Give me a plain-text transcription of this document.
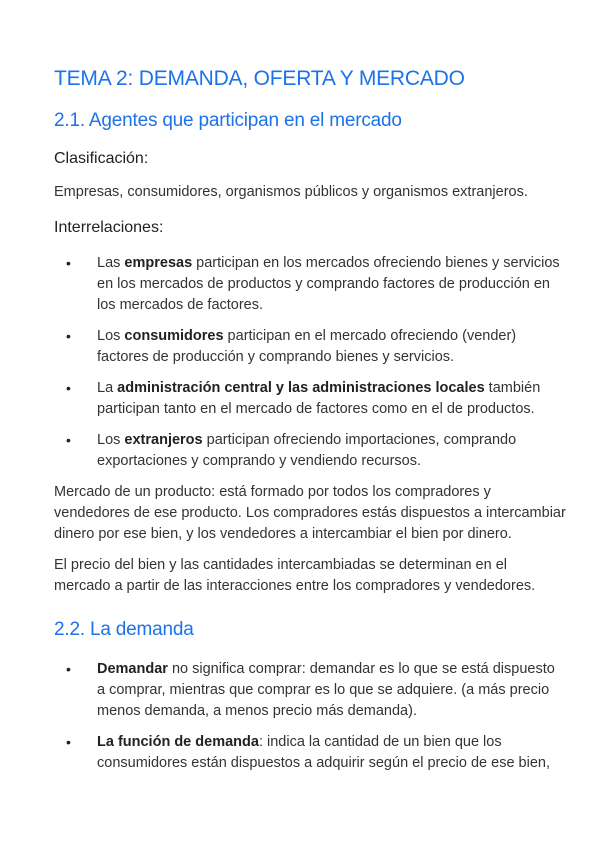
TEMA 2: DEMANDA, OFERTA Y MERCADO
2.1. Agentes que participan en el mercado
Clasificación:

Empresas, consumidores, organismos públicos y organismos extranjeros.

Interrelaciones:
• Las empresas participan en los mercados ofreciendo bienes y servicios en los mercados de productos y comprando factores de producción en los mercados de factores.
• Los consumidores participan en el mercado ofreciendo (vender) factores de producción y comprando bienes y servicios.
• La administración central y las administraciones locales también participan tanto en el mercado de factores como en el de productos.
• Los extranjeros participan ofreciendo importaciones, comprando exportaciones y comprando y vendiendo recursos.

Mercado de un producto: está formado por todos los compradores y vendedores de ese producto. Los compradores estás dispuestos a intercambiar dinero por ese bien, y los vendedores a intercambiar el bien por dinero.

El precio del bien y las cantidades intercambiadas se determinan en el mercado a partir de las interacciones entre los compradores y vendedores.

2.2. La demanda
• Demandar no significa comprar: demandar es lo que se está dispuesto a comprar, mientras que comprar es lo que se adquiere. (a más precio menos demanda, a menos precio más demanda).
• La función de demanda: indica la cantidad de un bien que los consumidores están dispuestos a adquirir según el precio de ese bien,
